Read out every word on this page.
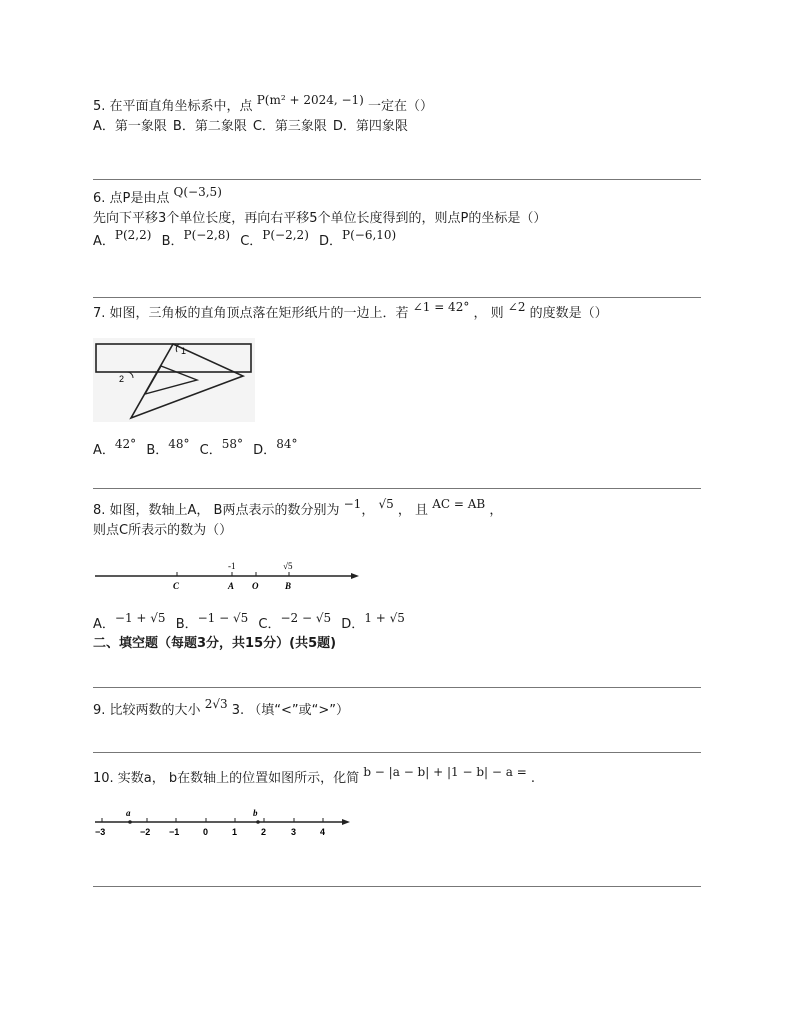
5. 在平面直角坐标系中，点 P(m² + 2024, −1) 一定在（）
A．第一象限 B．第二象限 C．第三象限 D．第四象限
6. 点P是由点 Q(−3,5)
先向下平移3个单位长度，再向右平移5个单位长度得到的，则点P的坐标是（）
A．P(2,2) B．P(−2,8) C．P(−2,2) D．P(−6,10)
7. 如图，三角板的直角顶点落在矩形纸片的一边上．若 ∠1 = 42° ， 则 ∠2 的度数是（）
1
2
A．42° B．48° C．58° D．84°
8. 如图，数轴上A， B两点表示的数分别为 −1， √5 ， 且 AC = AB ，
则点C所表示的数为（）
-1	√5
C	A O	B
A．−1 + √5 B．−1 − √5 C．−2 − √5 D．1 + √5
二、填空题（每题3分，共15分）(共5题)
9. 比较两数的大小 2√3 3. （填“<”或“>”）
10. 实数a， b在数轴上的位置如图所示，化简 b − |a − b| + |1 − b| − a = .
a	b
−3	−2 −1	0	1	2	3	4
